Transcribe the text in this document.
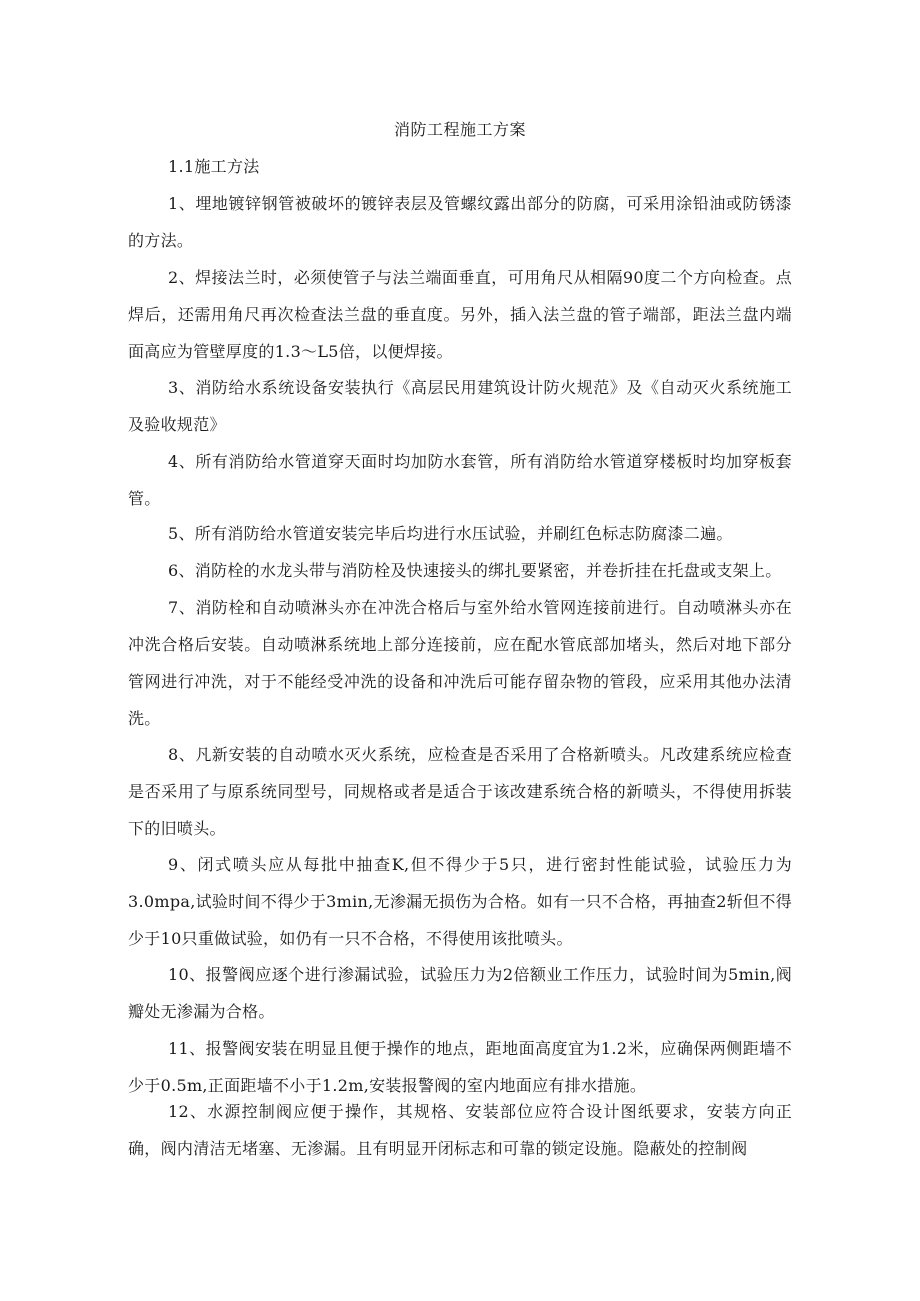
消防工程施工方案

1.1施工方法

1、埋地镀锌钢管被破坏的镀锌表层及管螺纹露出部分的防腐，可采用涂铅油或防锈漆的方法。

2、焊接法兰时，必须使管子与法兰端面垂直，可用角尺从相隔90度二个方向检查。点焊后，还需用角尺再次检查法兰盘的垂直度。另外，插入法兰盘的管子端部，距法兰盘内端面高应为管壁厚度的1.3～L5倍，以便焊接。

3、消防给水系统设备安装执行《高层民用建筑设计防火规范》及《自动灭火系统施工及验收规范》

4、所有消防给水管道穿天面时均加防水套管，所有消防给水管道穿楼板时均加穿板套管。

5、所有消防给水管道安装完毕后均进行水压试验，并刷红色标志防腐漆二遍。

6、消防栓的水龙头带与消防栓及快速接头的绑扎要紧密，并卷折挂在托盘或支架上。

7、消防栓和自动喷淋头亦在冲洗合格后与室外给水管网连接前进行。自动喷淋头亦在冲洗合格后安装。自动喷淋系统地上部分连接前，应在配水管底部加堵头，然后对地下部分管网进行冲洗，对于不能经受冲洗的设备和冲洗后可能存留杂物的管段，应采用其他办法清洗。

8、凡新安装的自动喷水灭火系统，应检查是否采用了合格新喷头。凡改建系统应检查是否采用了与原系统同型号，同规格或者是适合于该改建系统合格的新喷头，不得使用拆装下的旧喷头。

9、闭式喷头应从每批中抽查K,但不得少于5只，进行密封性能试验，试验压力为3.0mpa,试验时间不得少于3min,无渗漏无损伤为合格。如有一只不合格，再抽查2斩但不得少于10只重做试验，如仍有一只不合格，不得使用该批喷头。

10、报警阀应逐个进行渗漏试验，试验压力为2倍额业工作压力，试验时间为5min,阀瓣处无渗漏为合格。

11、报警阀安装在明显且便于操作的地点，距地面高度宜为1.2米，应确保两侧距墙不少于0.5m,正面距墙不小于1.2m,安装报警阀的室内地面应有排水措施。

12、水源控制阀应便于操作，其规格、安装部位应符合设计图纸要求，安装方向正确，阀内清洁无堵塞、无渗漏。且有明显开闭标志和可靠的锁定设施。隐蔽处的控制阀
